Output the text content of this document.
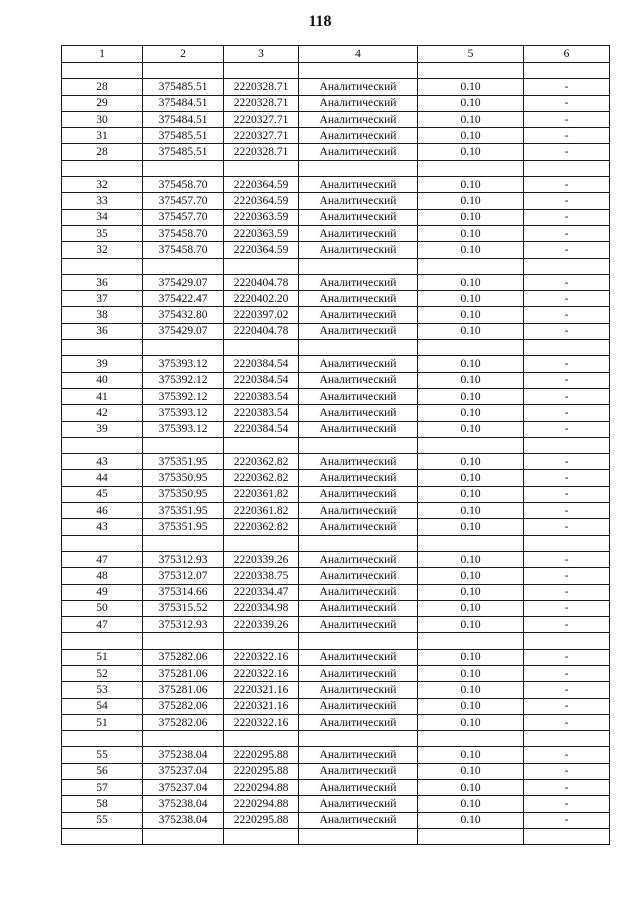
118
1	2	3	4	5	6

28	375485.51	2220328.71	Аналитический	0.10	-
29	375484.51	2220328.71	Аналитический	0.10	-
30	375484.51	2220327.71	Аналитический	0.10	-
31	375485.51	2220327.71	Аналитический	0.10	-
28	375485.51	2220328.71	Аналитический	0.10	-

32	375458.70	2220364.59	Аналитический	0.10	-
33	375457.70	2220364.59	Аналитический	0.10	-
34	375457.70	2220363.59	Аналитический	0.10	-
35	375458.70	2220363.59	Аналитический	0.10	-
32	375458.70	2220364.59	Аналитический	0.10	-

36	375429.07	2220404.78	Аналитический	0.10	-
37	375422.47	2220402.20	Аналитический	0.10	-
38	375432.80	2220397.02	Аналитический	0.10	-
36	375429.07	2220404.78	Аналитический	0.10	-

39	375393.12	2220384.54	Аналитический	0.10	-
40	375392.12	2220384.54	Аналитический	0.10	-
41	375392.12	2220383.54	Аналитический	0.10	-
42	375393.12	2220383.54	Аналитический	0.10	-
39	375393.12	2220384.54	Аналитический	0.10	-

43	375351.95	2220362.82	Аналитический	0.10	-
44	375350.95	2220362.82	Аналитический	0.10	-
45	375350.95	2220361.82	Аналитический	0.10	-
46	375351.95	2220361.82	Аналитический	0.10	-
43	375351.95	2220362.82	Аналитический	0.10	-

47	375312.93	2220339.26	Аналитический	0.10	-
48	375312.07	2220338.75	Аналитический	0.10	-
49	375314.66	2220334.47	Аналитический	0.10	-
50	375315.52	2220334.98	Аналитический	0.10	-
47	375312.93	2220339.26	Аналитический	0.10	-

51	375282.06	2220322.16	Аналитический	0.10	-
52	375281.06	2220322.16	Аналитический	0.10	-
53	375281.06	2220321.16	Аналитический	0.10	-
54	375282.06	2220321.16	Аналитический	0.10	-
51	375282.06	2220322.16	Аналитический	0.10	-

55	375238.04	2220295.88	Аналитический	0.10	-
56	375237.04	2220295.88	Аналитический	0.10	-
57	375237.04	2220294.88	Аналитический	0.10	-
58	375238.04	2220294.88	Аналитический	0.10	-
55	375238.04	2220295.88	Аналитический	0.10	-
